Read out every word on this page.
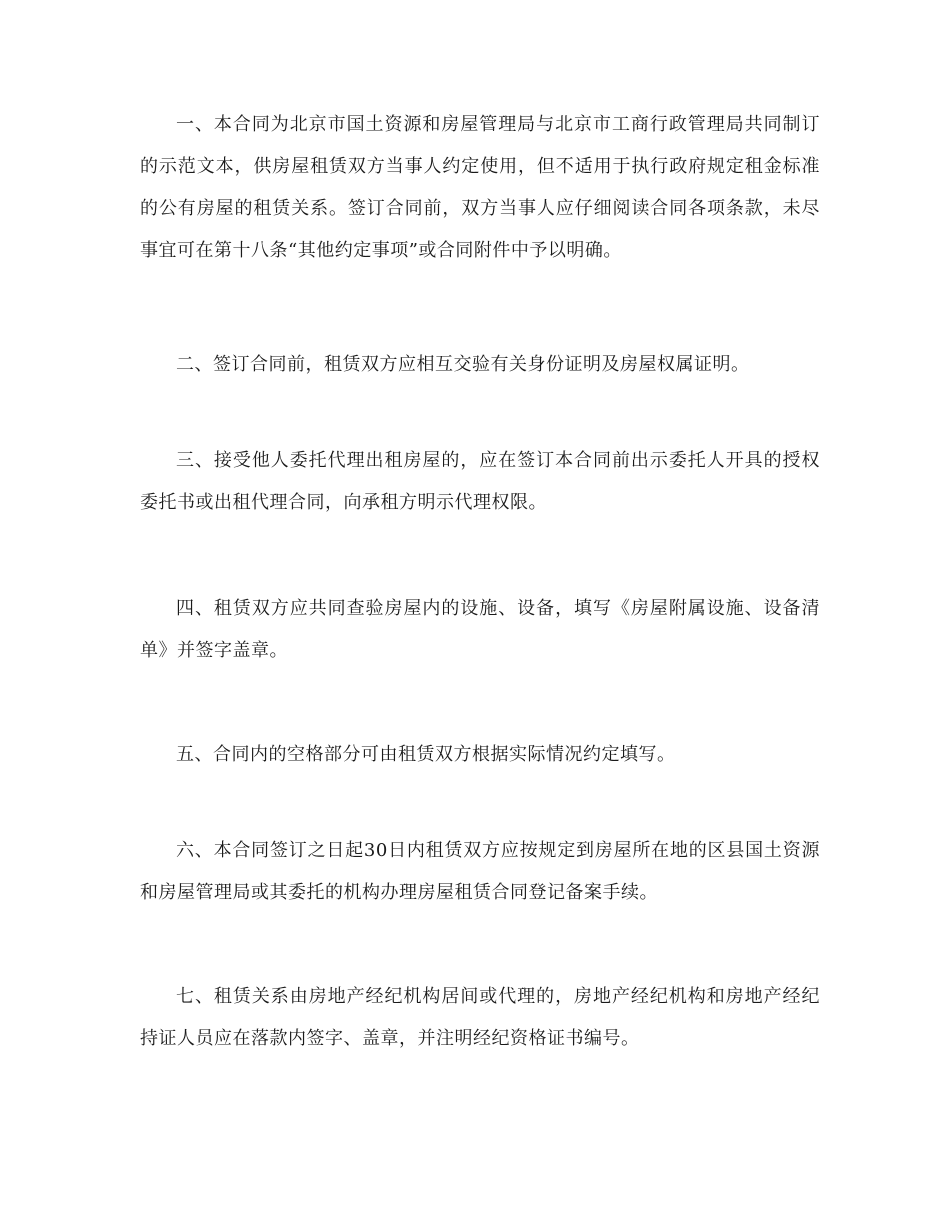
一、本合同为北京市国土资源和房屋管理局与北京市工商行政管理局共同制订的示范文本，供房屋租赁双方当事人约定使用，但不适用于执行政府规定租金标准的公有房屋的租赁关系。签订合同前，双方当事人应仔细阅读合同各项条款，未尽事宜可在第十八条“其他约定事项”或合同附件中予以明确。

二、签订合同前，租赁双方应相互交验有关身份证明及房屋权属证明。

三、接受他人委托代理出租房屋的，应在签订本合同前出示委托人开具的授权委托书或出租代理合同，向承租方明示代理权限。

四、租赁双方应共同查验房屋内的设施、设备，填写《房屋附属设施、设备清单》并签字盖章。

五、合同内的空格部分可由租赁双方根据实际情况约定填写。

六、本合同签订之日起30日内租赁双方应按规定到房屋所在地的区县国土资源和房屋管理局或其委托的机构办理房屋租赁合同登记备案手续。

七、租赁关系由房地产经纪机构居间或代理的，房地产经纪机构和房地产经纪持证人员应在落款内签字、盖章，并注明经纪资格证书编号。
